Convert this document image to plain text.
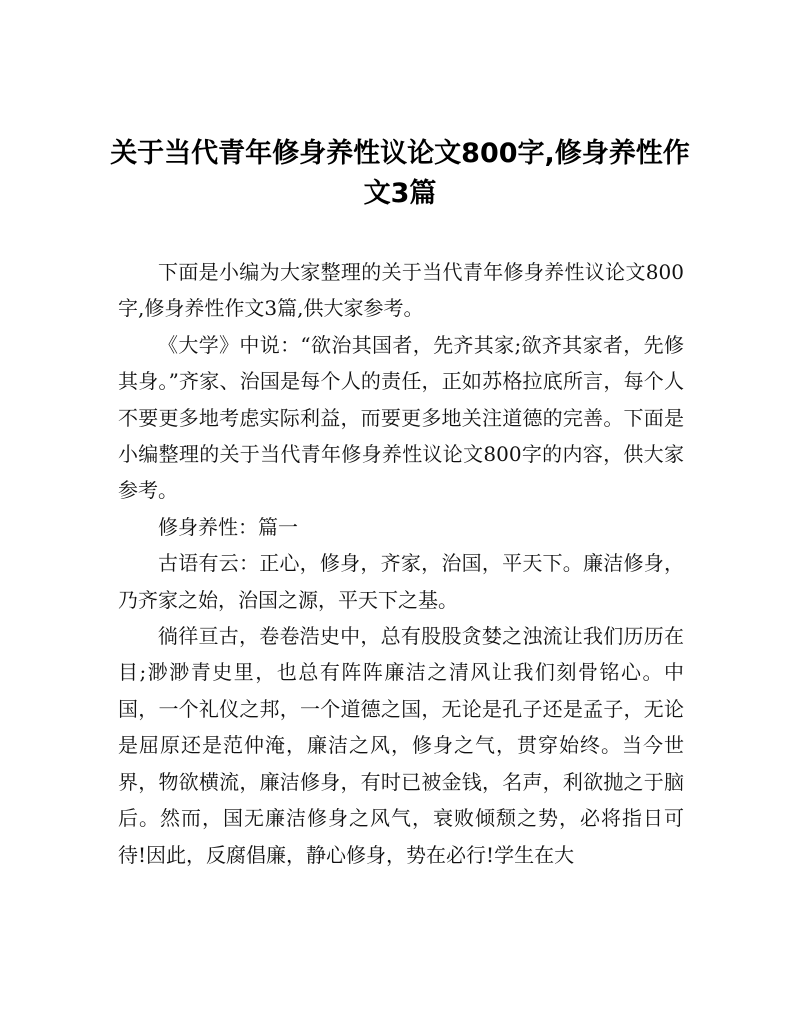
关于当代青年修身养性议论文800字,修身养性作文3篇

下面是小编为大家整理的关于当代青年修身养性议论文800字,修身养性作文3篇,供大家参考。

《大学》中说：“欲治其国者，先齐其家;欲齐其家者，先修其身。”齐家、治国是每个人的责任，正如苏格拉底所言，每个人不要更多地考虑实际利益，而要更多地关注道德的完善。下面是小编整理的关于当代青年修身养性议论文800字的内容，供大家参考。

修身养性：篇一

古语有云：正心，修身，齐家，治国，平天下。廉洁修身，乃齐家之始，治国之源，平天下之基。

徜徉亘古，卷卷浩史中，总有股股贪婪之浊流让我们历历在目;渺渺青史里，也总有阵阵廉洁之清风让我们刻骨铭心。中国，一个礼仪之邦，一个道德之国，无论是孔子还是孟子，无论是屈原还是范仲淹，廉洁之风，修身之气，贯穿始终。当今世界，物欲横流，廉洁修身，有时已被金钱，名声，利欲抛之于脑后。然而，国无廉洁修身之风气，衰败倾颓之势，必将指日可待!因此，反腐倡廉，静心修身，势在必行!学生在大
